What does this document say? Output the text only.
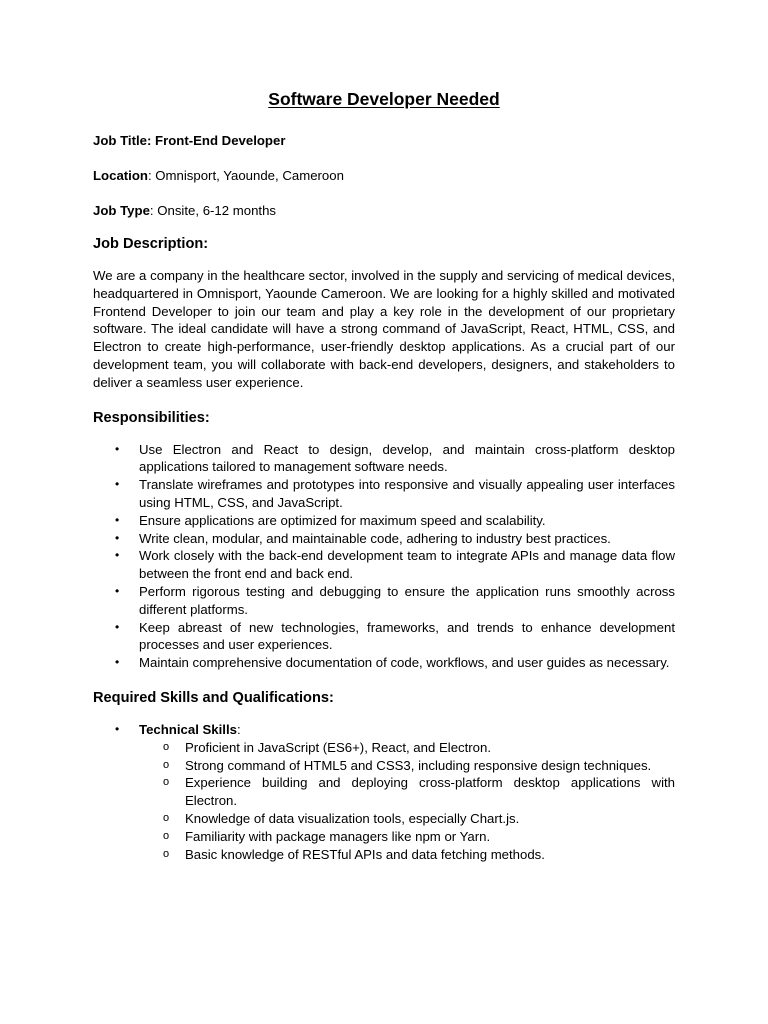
Software Developer Needed
Job Title: Front-End Developer
Location: Omnisport, Yaounde, Cameroon
Job Type: Onsite, 6-12 months
Job Description:
We are a company in the healthcare sector, involved in the supply and servicing of medical devices, headquartered in Omnisport, Yaounde Cameroon. We are looking for a highly skilled and motivated Frontend Developer to join our team and play a key role in the development of our proprietary software. The ideal candidate will have a strong command of JavaScript, React, HTML, CSS, and Electron to create high-performance, user-friendly desktop applications. As a crucial part of our development team, you will collaborate with back-end developers, designers, and stakeholders to deliver a seamless user experience.
Responsibilities:
• Use Electron and React to design, develop, and maintain cross-platform desktop applications tailored to management software needs.
• Translate wireframes and prototypes into responsive and visually appealing user interfaces using HTML, CSS, and JavaScript.
• Ensure applications are optimized for maximum speed and scalability.
• Write clean, modular, and maintainable code, adhering to industry best practices.
• Work closely with the back-end development team to integrate APIs and manage data flow between the front end and back end.
• Perform rigorous testing and debugging to ensure the application runs smoothly across different platforms.
• Keep abreast of new technologies, frameworks, and trends to enhance development processes and user experiences.
• Maintain comprehensive documentation of code, workflows, and user guides as necessary.
Required Skills and Qualifications:
• Technical Skills:
o Proficient in JavaScript (ES6+), React, and Electron.
o Strong command of HTML5 and CSS3, including responsive design techniques.
o Experience building and deploying cross-platform desktop applications with Electron.
o Knowledge of data visualization tools, especially Chart.js.
o Familiarity with package managers like npm or Yarn.
o Basic knowledge of RESTful APIs and data fetching methods.
